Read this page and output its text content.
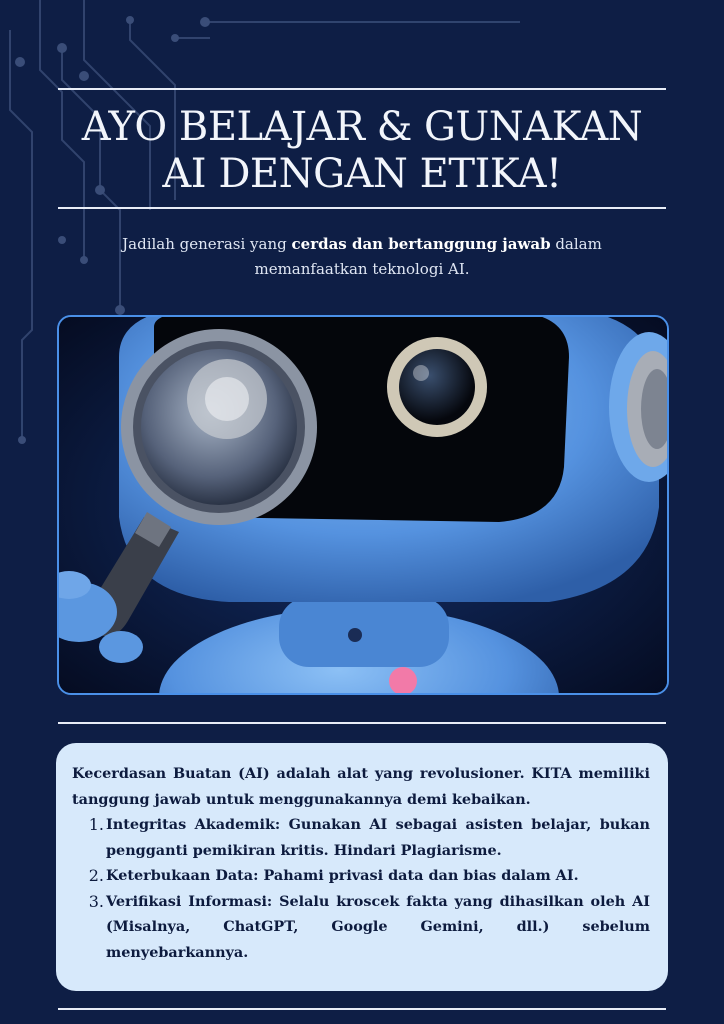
AYO BELAJAR & GUNAKAN
AI DENGAN ETIKA!
Jadilah generasi yang cerdas dan bertanggung jawab dalam memanfaatkan teknologi AI.
Kecerdasan Buatan (AI) adalah alat yang revolusioner. KITA memiliki tanggung jawab untuk menggunakannya demi kebaikan.
1. Integritas Akademik: Gunakan AI sebagai asisten belajar, bukan pengganti pemikiran kritis. Hindari Plagiarisme.
2. Keterbukaan Data: Pahami privasi data dan bias dalam AI.
3. Verifikasi Informasi: Selalu kroscek fakta yang dihasilkan oleh AI (Misalnya, ChatGPT, Google Gemini, dll.) sebelum menyebarkannya.
